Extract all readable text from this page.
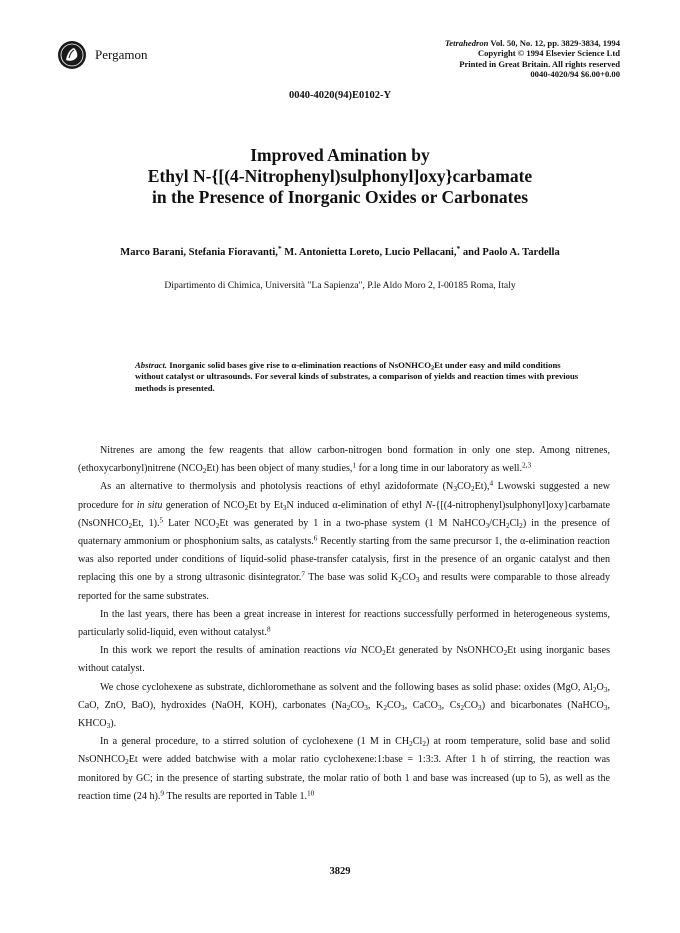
Pergamon
Tetrahedron Vol. 50, No. 12, pp. 3829-3834, 1994
Copyright © 1994 Elsevier Science Ltd
Printed in Great Britain. All rights reserved
0040-4020/94 $6.00+0.00
0040-4020(94)E0102-Y
Improved Amination by
Ethyl N-{[(4-Nitrophenyl)sulphonyl]oxy}carbamate
in the Presence of Inorganic Oxides or Carbonates
Marco Barani, Stefania Fioravanti,* M. Antonietta Loreto, Lucio Pellacani,* and Paolo A. Tardella
Dipartimento di Chimica, Università "La Sapienza", P.le Aldo Moro 2, I-00185 Roma, Italy
Abstract. Inorganic solid bases give rise to α-elimination reactions of NsONHCO$_2$Et under easy and mild conditions without catalyst or ultrasounds. For several kinds of substrates, a comparison of yields and reaction times with previous methods is presented.

Nitrenes are among the few reagents that allow carbon-nitrogen bond formation in only one step. Among nitrenes, (ethoxycarbonyl)nitrene $(NCO_2Et)$ has been object of many studies,$^1$ for a long time in our laboratory as well.$^{2,3}$

As an alternative to thermolysis and photolysis reactions of ethyl azidoformate $(N_3CO_2Et),^4$ Lwowski suggested a new procedure for in situ generation of $NCO_2Et$ by $Et_3N$ induced α-elimination of ethyl N-{[(4-nitrophenyl)sulphonyl]oxy}carbamate (NsONHCO$_2$Et, 1).$^5$ Later $NCO_2Et$ was generated by 1 in a two-phase system (1 M $NaHCO_3/CH_2Cl_2$) in the presence of quaternary ammonium or phosphonium salts, as catalysts.$^6$ Recently starting from the same precursor 1, the α-elimination reaction was also reported under conditions of liquid-solid phase-transfer catalysis, first in the presence of an organic catalyst and then replacing this one by a strong ultrasonic disintegrator.$^7$ The base was solid $K_2CO_3$ and results were comparable to those already reported for the same substrates.

In the last years, there has been a great increase in interest for reactions successfully performed in heterogeneous systems, particularly solid-liquid, even without catalyst.$^8$

In this work we report the results of amination reactions via $NCO_2Et$ generated by NsONHCO$_2$Et using inorganic bases without catalyst.

We chose cyclohexene as substrate, dichloromethane as solvent and the following bases as solid phase: oxides (MgO, $Al_2O_3$, CaO, ZnO, BaO), hydroxides (NaOH, KOH), carbonates ($Na_2CO_3$, $K_2CO_3$, CaCO$_3$, $Cs_2CO_3$) and bicarbonates (NaHCO$_3$, $KHCO_3$).

In a general procedure, to a stirred solution of cyclohexene (1 M in $CH_2Cl_2$) at room temperature, solid base and solid NsONHCO$_2$Et were added batchwise with a molar ratio cyclohexene:1:base = 1:3:3. After 1 h of stirring, the reaction was monitored by GC; in the presence of starting substrate, the molar ratio of both 1 and base was increased (up to 5), as well as the reaction time (24 h).$^9$ The results are reported in Table 1.10

3829
